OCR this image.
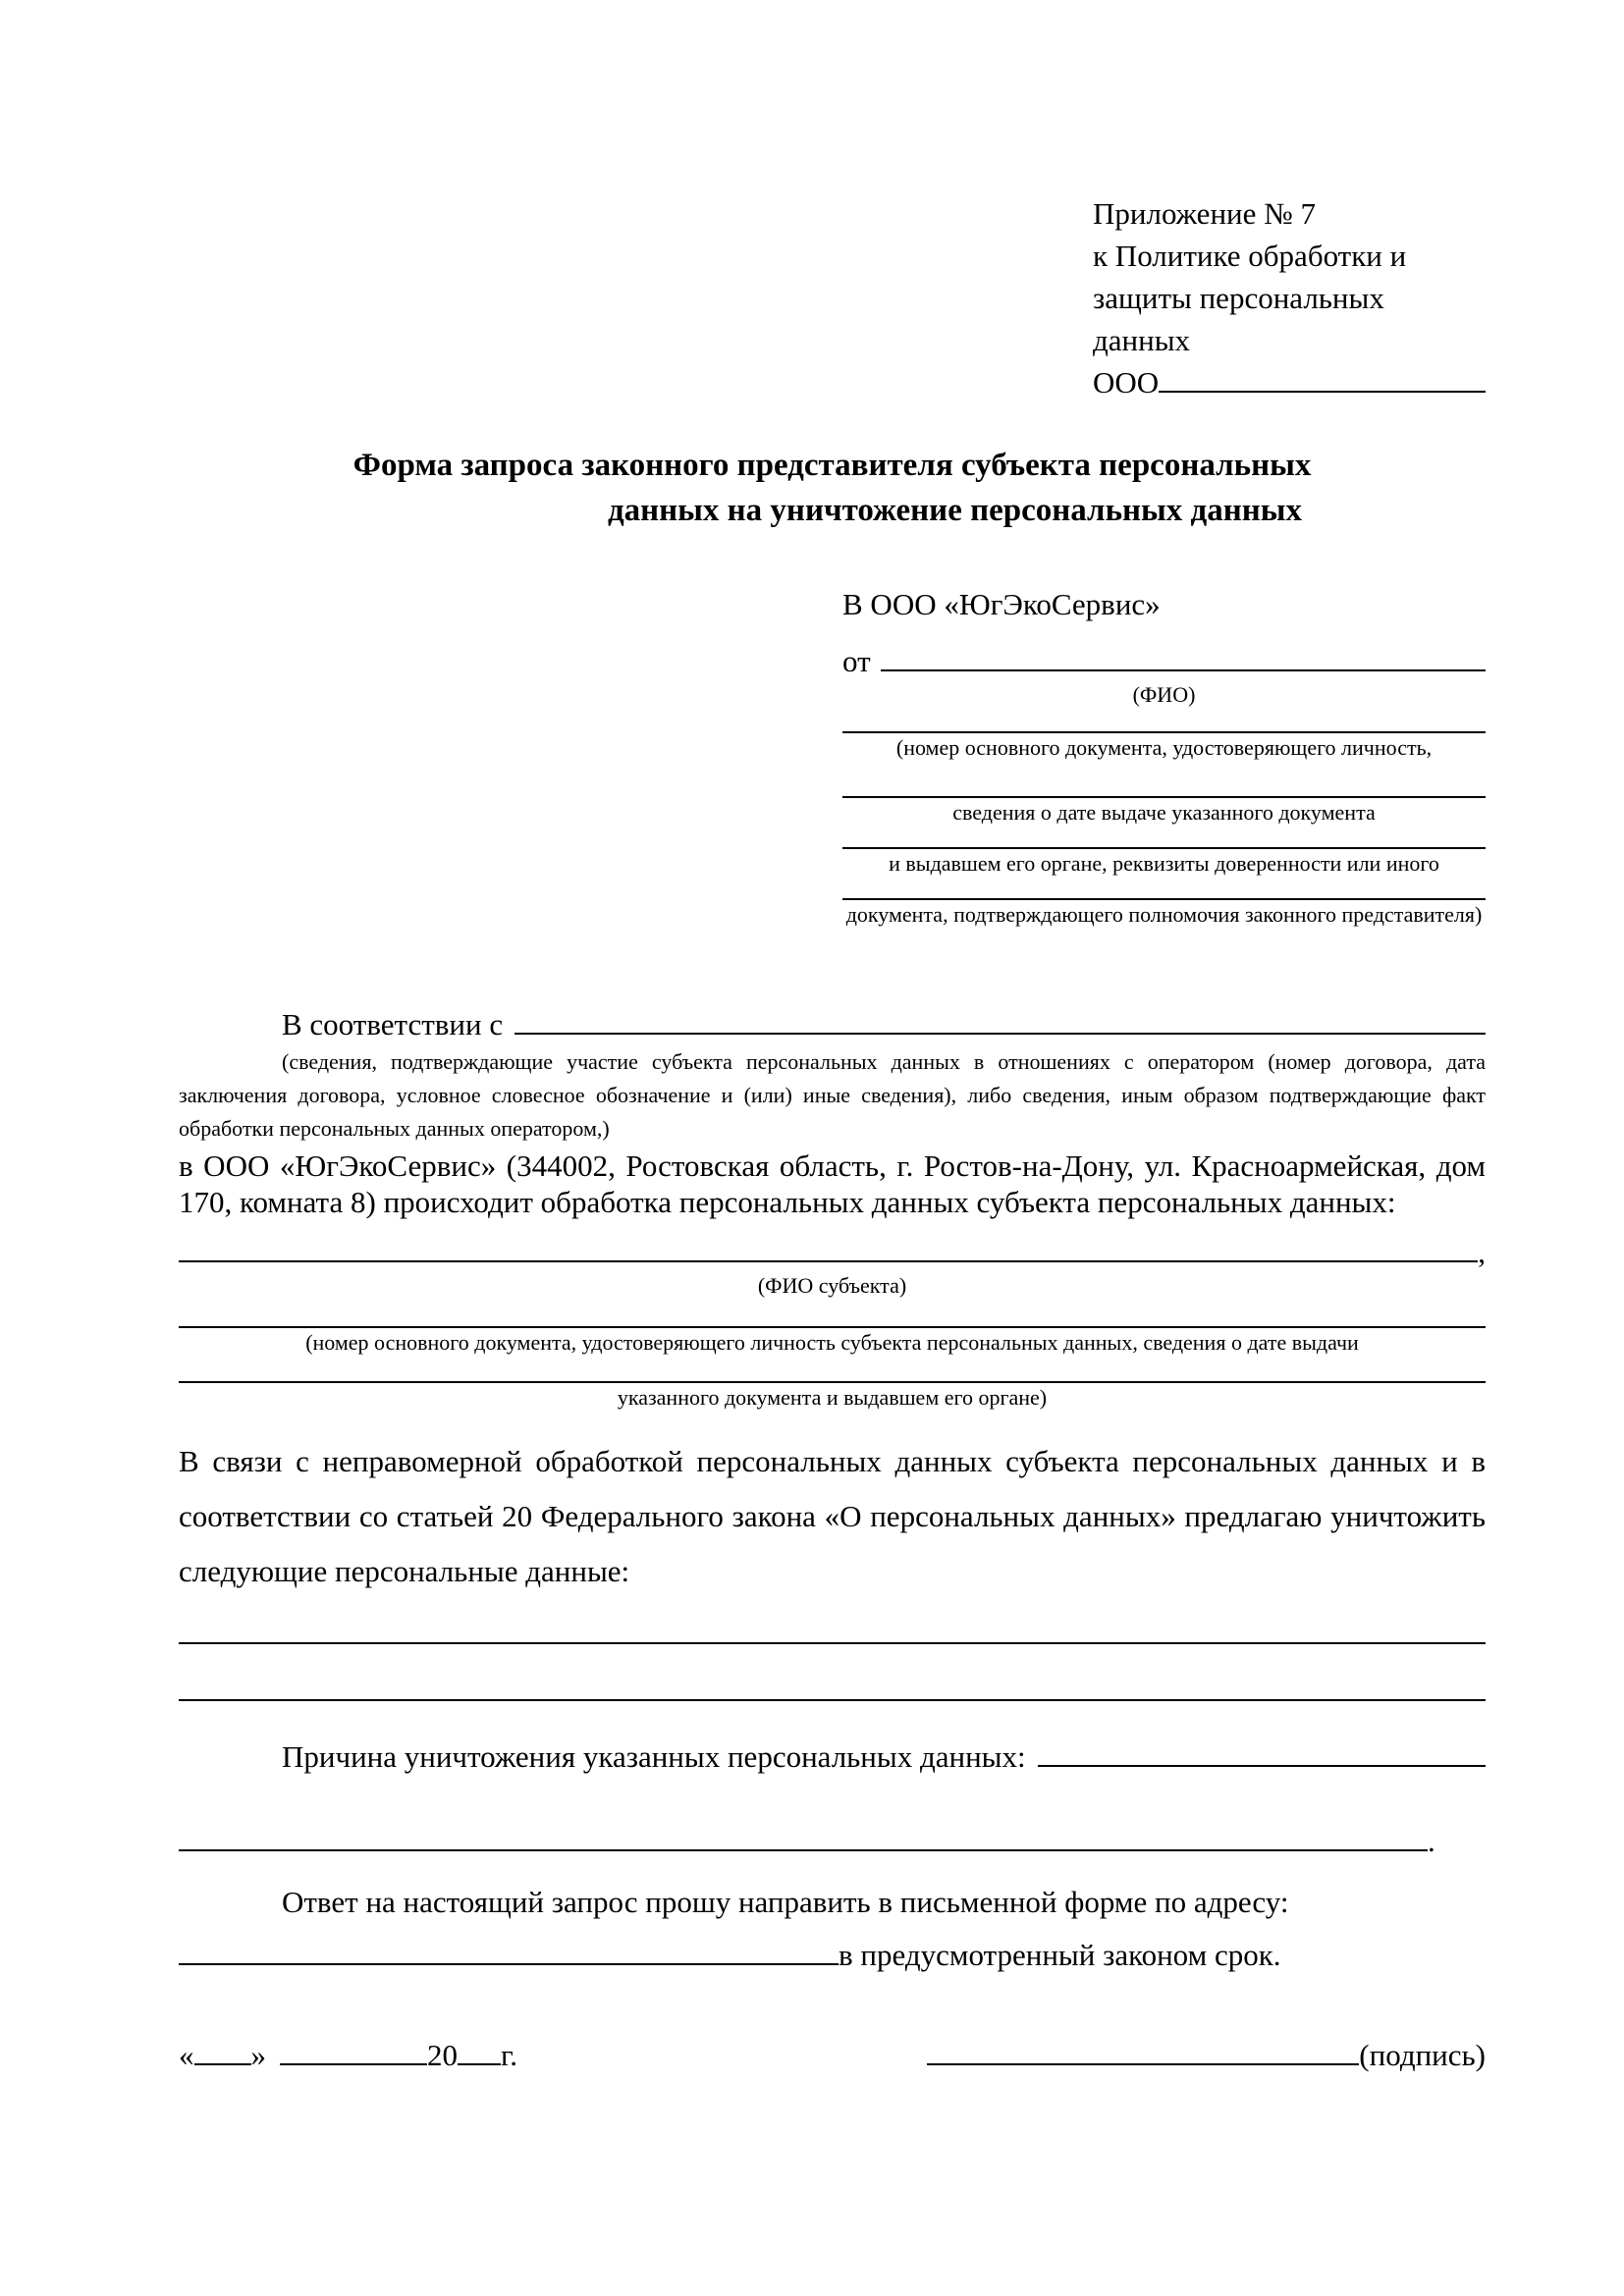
Приложение № 7
к Политике обработки и
защиты персональных данных
ООО
Форма запроса законного представителя субъекта персональных
данных на уничтожение персональных данных
В ООО «ЮгЭкоСервис»
от
(ФИО)
(номер основного документа, удостоверяющего личность,
сведения о дате выдаче указанного документа
и выдавшем его органе, реквизиты доверенности или иного
документа, подтверждающего полномочия законного представителя)
В соответствии с
(сведения, подтверждающие участие субъекта персональных данных в отношениях с оператором (номер договора, дата заключения договора, условное словесное обозначение и (или) иные сведения), либо сведения, иным образом подтверждающие факт обработки персональных данных оператором,)
в ООО «ЮгЭкоСервис» (344002, Ростовская область, г. Ростов-на-Дону, ул. Красноармейская, дом 170, комната 8) происходит обработка персональных данных субъекта персональных данных:
,
(ФИО субъекта)
(номер основного документа, удостоверяющего личность субъекта персональных данных, сведения о дате выдачи
указанного документа и выдавшем его органе)
В связи с неправомерной обработкой персональных данных субъекта персональных данных и в соответствии со статьей 20 Федерального закона «О персональных данных» предлагаю уничтожить следующие персональные данные:
Причина уничтожения указанных персональных данных:
.
Ответ на настоящий запрос прошу направить в письменной форме по адресу:
в предусмотренный законом срок.
« »	20 г.	(подпись)
